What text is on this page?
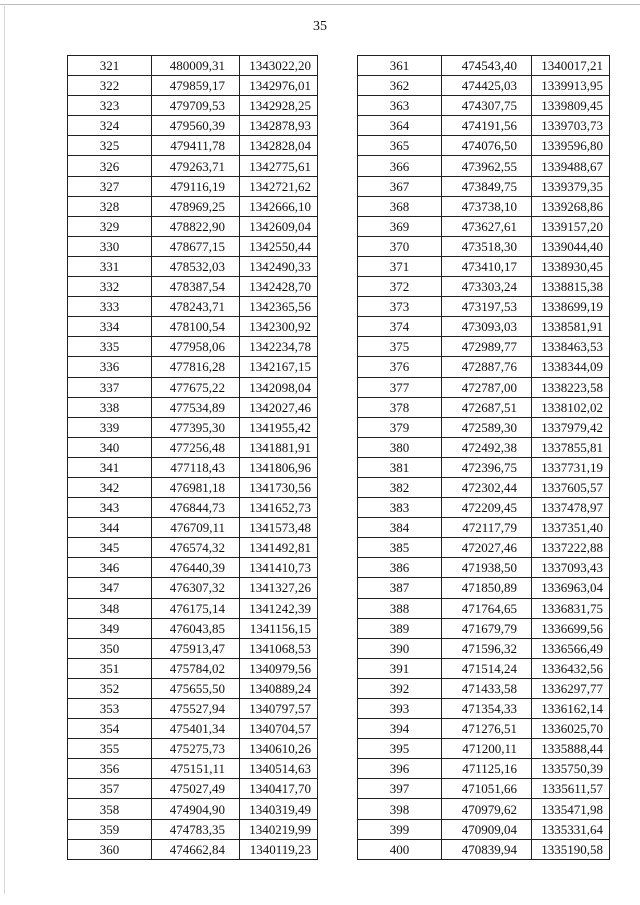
35
321	480009,31	1343022,20
322	479859,17	1342976,01
323	479709,53	1342928,25
324	479560,39	1342878,93
325	479411,78	1342828,04
326	479263,71	1342775,61
327	479116,19	1342721,62
328	478969,25	1342666,10
329	478822,90	1342609,04
330	478677,15	1342550,44
331	478532,03	1342490,33
332	478387,54	1342428,70
333	478243,71	1342365,56
334	478100,54	1342300,92
335	477958,06	1342234,78
336	477816,28	1342167,15
337	477675,22	1342098,04
338	477534,89	1342027,46
339	477395,30	1341955,42
340	477256,48	1341881,91
341	477118,43	1341806,96
342	476981,18	1341730,56
343	476844,73	1341652,73
344	476709,11	1341573,48
345	476574,32	1341492,81
346	476440,39	1341410,73
347	476307,32	1341327,26
348	476175,14	1341242,39
349	476043,85	1341156,15
350	475913,47	1341068,53
351	475784,02	1340979,56
352	475655,50	1340889,24
353	475527,94	1340797,57
354	475401,34	1340704,57
355	475275,73	1340610,26
356	475151,11	1340514,63
357	475027,49	1340417,70
358	474904,90	1340319,49
359	474783,35	1340219,99
360	474662,84	1340119,23
361	474543,40	1340017,21
362	474425,03	1339913,95
363	474307,75	1339809,45
364	474191,56	1339703,73
365	474076,50	1339596,80
366	473962,55	1339488,67
367	473849,75	1339379,35
368	473738,10	1339268,86
369	473627,61	1339157,20
370	473518,30	1339044,40
371	473410,17	1338930,45
372	473303,24	1338815,38
373	473197,53	1338699,19
374	473093,03	1338581,91
375	472989,77	1338463,53
376	472887,76	1338344,09
377	472787,00	1338223,58
378	472687,51	1338102,02
379	472589,30	1337979,42
380	472492,38	1337855,81
381	472396,75	1337731,19
382	472302,44	1337605,57
383	472209,45	1337478,97
384	472117,79	1337351,40
385	472027,46	1337222,88
386	471938,50	1337093,43
387	471850,89	1336963,04
388	471764,65	1336831,75
389	471679,79	1336699,56
390	471596,32	1336566,49
391	471514,24	1336432,56
392	471433,58	1336297,77
393	471354,33	1336162,14
394	471276,51	1336025,70
395	471200,11	1335888,44
396	471125,16	1335750,39
397	471051,66	1335611,57
398	470979,62	1335471,98
399	470909,04	1335331,64
400	470839,94	1335190,58
